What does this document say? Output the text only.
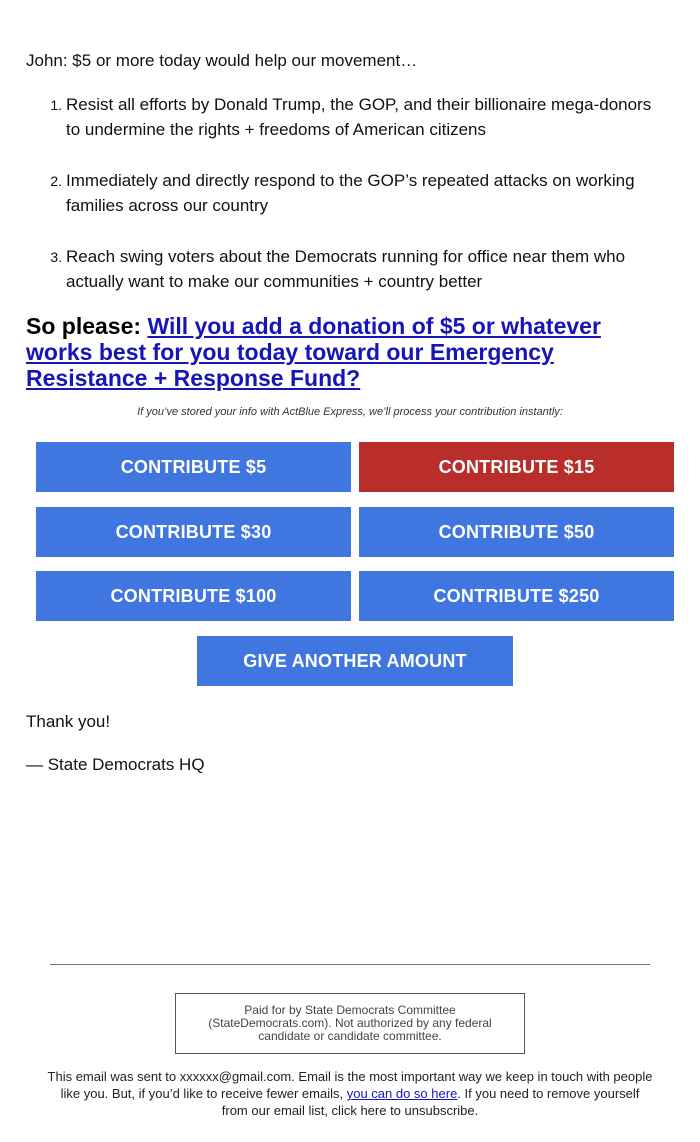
John: $5 or more today would help our movement…

1. Resist all efforts by Donald Trump, the GOP, and their billionaire mega-donors to undermine the rights + freedoms of American citizens
2. Immediately and directly respond to the GOP’s repeated attacks on working families across our country
3. Reach swing voters about the Democrats running for office near them who actually want to make our communities + country better

So please: Will you add a donation of $5 or whatever works best for you today toward our Emergency Resistance + Response Fund?

If you’ve stored your info with ActBlue Express, we’ll process your contribution instantly:

CONTRIBUTE $5	CONTRIBUTE $15
CONTRIBUTE $30	CONTRIBUTE $50
CONTRIBUTE $100	CONTRIBUTE $250
GIVE ANOTHER AMOUNT

Thank you!

— State Democrats HQ

Paid for by State Democrats Committee (StateDemocrats.com). Not authorized by any federal candidate or candidate committee.

This email was sent to xxxxxx@gmail.com. Email is the most important way we keep in touch with people like you. But, if you’d like to receive fewer emails, you can do so here. If you need to remove yourself from our email list, click here to unsubscribe.
